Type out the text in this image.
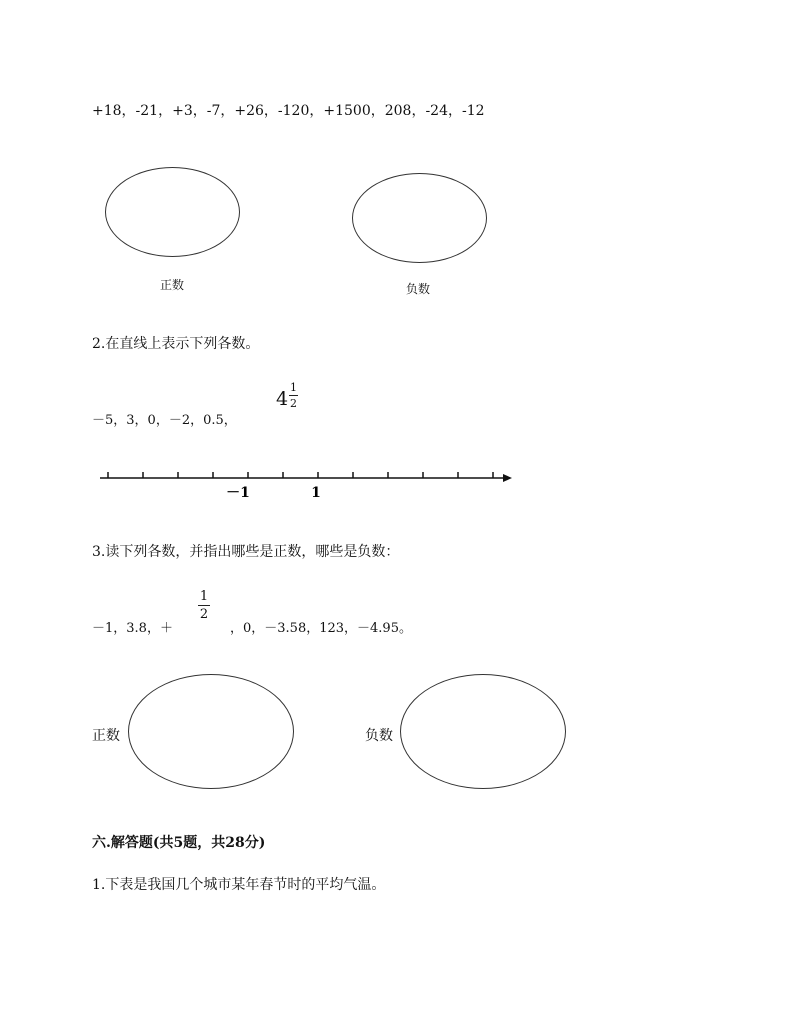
+18，-21，+3，-7，+26，-120，+1500，208，-24，-12
正数	负数
2.在直线上表示下列各数。
－5，3，0，－2，0.5，
4
1
2
－1	1
3.读下列各数，并指出哪些是正数，哪些是负数：
－1，3.8，＋
1
2
，0，－3.58，123，－4.95。
正数	负数
六.解答题(共5题，共28分)
1.下表是我国几个城市某年春节时的平均气温。
